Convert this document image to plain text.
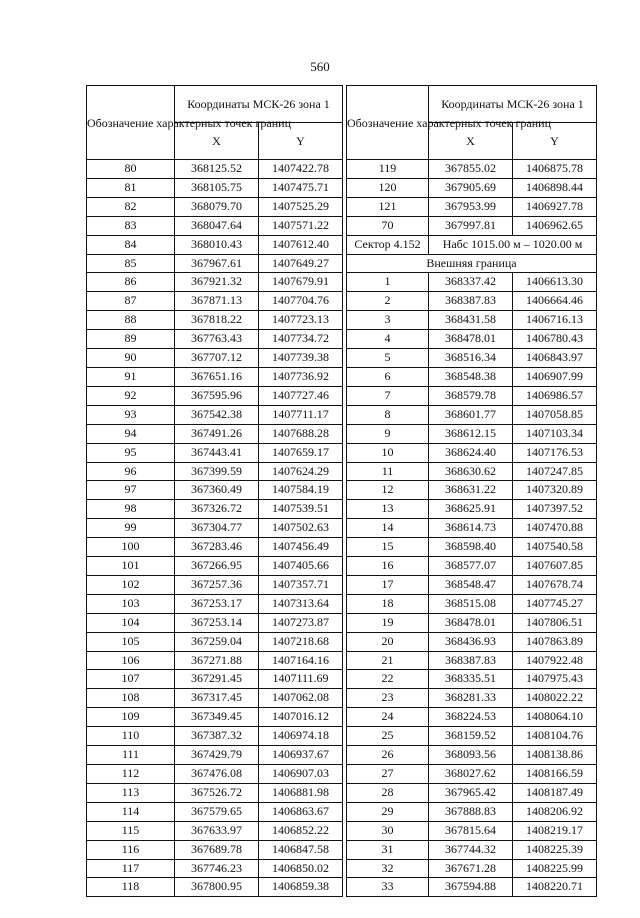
560
Обозначение характерных точек границ	Координаты МСК-26 зона 1	
	X	Y
80	368125.52	1407422.78
81	368105.75	1407475.71
82	368079.70	1407525.29
83	368047.64	1407571.22
84	368010.43	1407612.40
85	367967.61	1407649.27
86	367921.32	1407679.91
87	367871.13	1407704.76
88	367818.22	1407723.13
89	367763.43	1407734.72
90	367707.12	1407739.38
91	367651.16	1407736.92
92	367595.96	1407727.46
93	367542.38	1407711.17
94	367491.26	1407688.28
95	367443.41	1407659.17
96	367399.59	1407624.29
97	367360.49	1407584.19
98	367326.72	1407539.51
99	367304.77	1407502.63
100	367283.46	1407456.49
101	367266.95	1407405.66
102	367257.36	1407357.71
103	367253.17	1407313.64
104	367253.14	1407273.87
105	367259.04	1407218.68
106	367271.88	1407164.16
107	367291.45	1407111.69
108	367317.45	1407062.08
109	367349.45	1407016.12
110	367387.32	1406974.18
111	367429.79	1406937.67
112	367476.08	1406907.03
113	367526.72	1406881.98
114	367579.65	1406863.67
115	367633.97	1406852.22
116	367689.78	1406847.58
117	367746.23	1406850.02
118	367800.95	1406859.38
Обозначение характерных точек границ	Координаты МСК-26 зона 1	
	X	Y
119	367855.02	1406875.78
120	367905.69	1406898.44
121	367953.99	1406927.78
70	367997.81	1406962.65
Сектор 4.152	Набс 1015.00 м – 1020.00 м	
Внешняя граница		
1	368337.42	1406613.30
2	368387.83	1406664.46
3	368431.58	1406716.13
4	368478.01	1406780.43
5	368516.34	1406843.97
6	368548.38	1406907.99
7	368579.78	1406986.57
8	368601.77	1407058.85
9	368612.15	1407103.34
10	368624.40	1407176.53
11	368630.62	1407247.85
12	368631.22	1407320.89
13	368625.91	1407397.52
14	368614.73	1407470.88
15	368598.40	1407540.58
16	368577.07	1407607.85
17	368548.47	1407678.74
18	368515.08	1407745.27
19	368478.01	1407806.51
20	368436.93	1407863.89
21	368387.83	1407922.48
22	368335.51	1407975.43
23	368281.33	1408022.22
24	368224.53	1408064.10
25	368159.52	1408104.76
26	368093.56	1408138.86
27	368027.62	1408166.59
28	367965.42	1408187.49
29	367888.83	1408206.92
30	367815.64	1408219.17
31	367744.32	1408225.39
32	367671.28	1408225.99
33	367594.88	1408220.71
